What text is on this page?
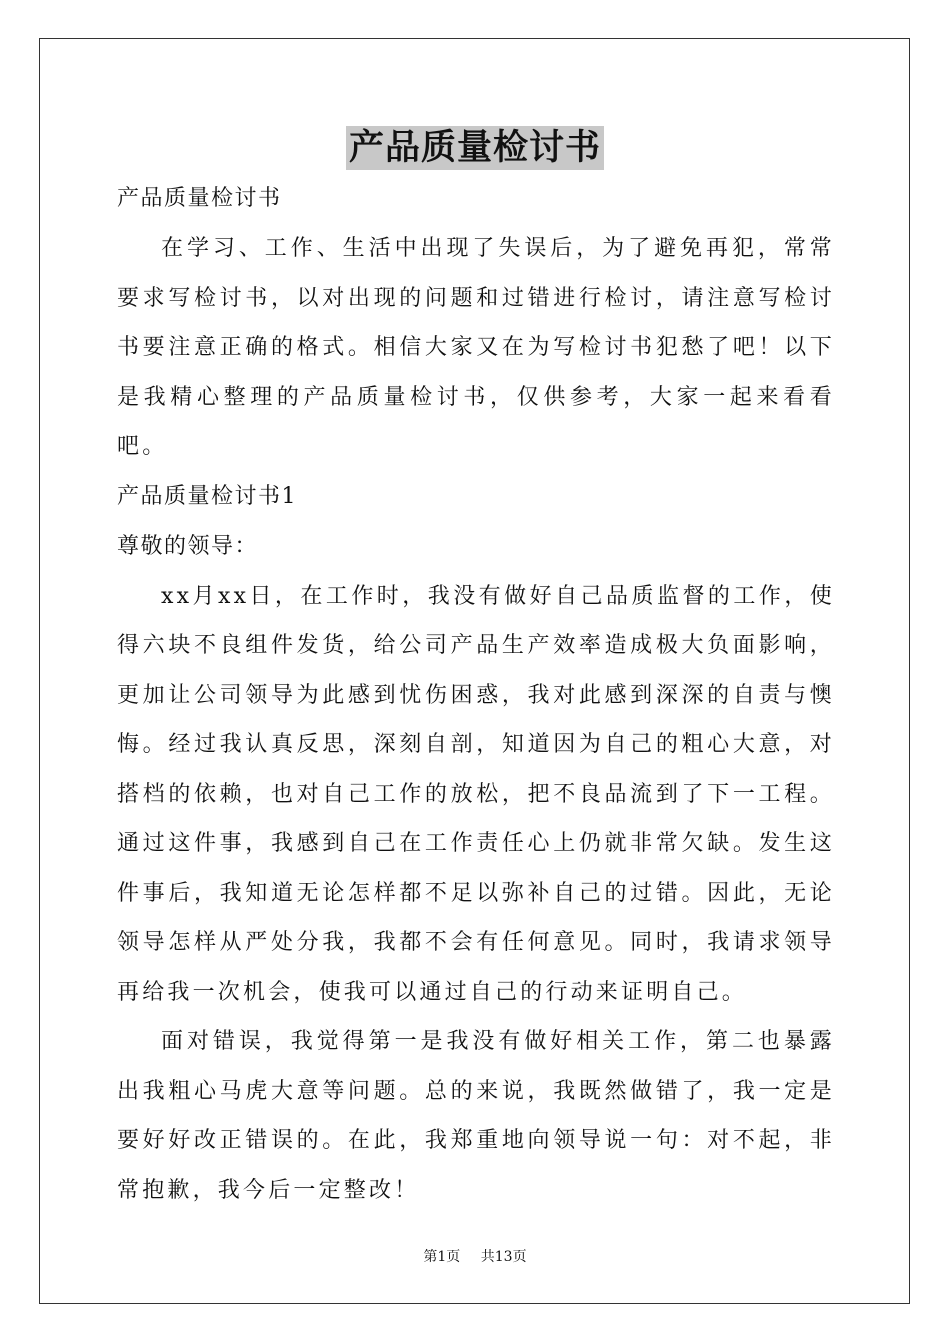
产品质量检讨书

产品质量检讨书

在学习、工作、生活中出现了失误后，为了避免再犯，常常要求写检讨书，以对出现的问题和过错进行检讨，请注意写检讨书要注意正确的格式。相信大家又在为写检讨书犯愁了吧！以下是我精心整理的产品质量检讨书，仅供参考，大家一起来看看吧。

产品质量检讨书1

尊敬的领导：

xx月xx日，在工作时，我没有做好自己品质监督的工作，使得六块不良组件发货，给公司产品生产效率造成极大负面影响，更加让公司领导为此感到忧伤困惑，我对此感到深深的自责与懊悔。经过我认真反思，深刻自剖，知道因为自己的粗心大意，对搭档的依赖，也对自己工作的放松，把不良品流到了下一工程。通过这件事，我感到自己在工作责任心上仍就非常欠缺。发生这件事后，我知道无论怎样都不足以弥补自己的过错。因此，无论领导怎样从严处分我，我都不会有任何意见。同时，我请求领导再给我一次机会，使我可以通过自己的行动来证明自己。

面对错误，我觉得第一是我没有做好相关工作，第二也暴露出我粗心马虎大意等问题。总的来说，我既然做错了，我一定是要好好改正错误的。在此，我郑重地向领导说一句：对不起，非常抱歉，我今后一定整改！

第1页 共13页
